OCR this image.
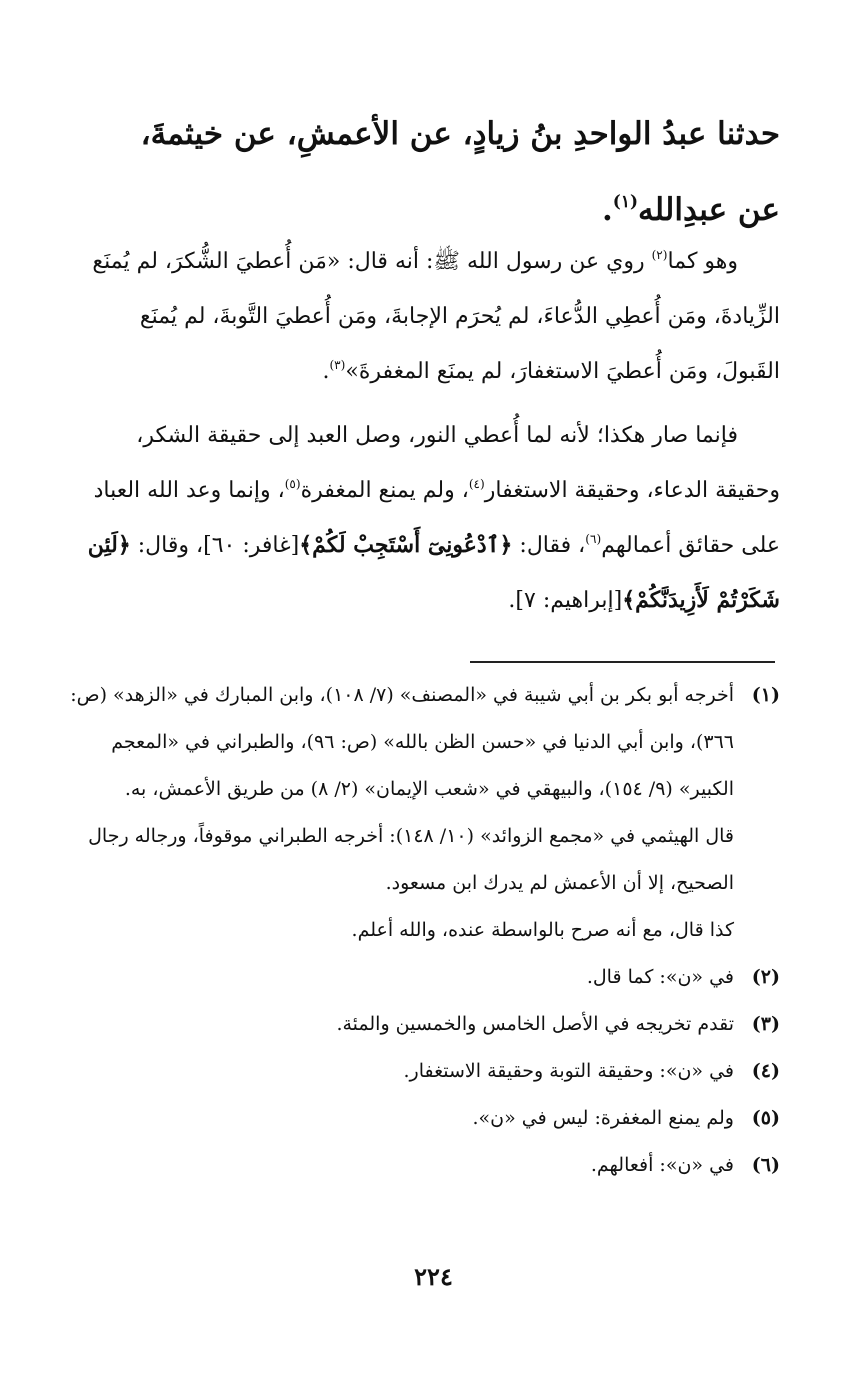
حدثنا عبدُ الواحدِ بنُ زيادٍ، عن الأعمشِ، عن خيثمةَ،
عن عبدِالله$^{(١)}$.

وهو كما$^{(٢)}$ روي عن رسول الله ﷺ: أنه قال: «مَن أُعطيَ الشُّكرَ، لم يُمنَع الزِّيادةَ، ومَن أُعطِي الدُّعاءَ، لم يُحرَم الإجابةَ، ومَن أُعطيَ التَّوبةَ، لم يُمنَع القَبولَ، ومَن أُعطيَ الاستغفارَ، لم يمنَع المغفرةَ»$^{(٣)}$.

فإنما صار هكذا؛ لأنه لما أُعطي النور، وصل العبد إلى حقيقة الشكر، وحقيقة الدعاء، وحقيقة الاستغفار$^{(٤)}$، ولم يمنع المغفرة$^{(٥)}$، وإنما وعد الله العباد على حقائق أعمالهم$^{(٦)}$، فقال: ﴿ٱدْعُونِىٓ أَسْتَجِبْ لَكُمْ﴾[غافر: ٦٠]، وقال: ﴿لَئِن شَكَرْتُمْ لَأَزِيدَنَّكُمْ﴾[إبراهيم: ٧].

(١)
أخرجه أبو بكر بن أبي شيبة في «المصنف» (٧/ ١٠٨)، وابن المبارك في «الزهد» (ص: ٣٦٦)، وابن أبي الدنيا في «حسن الظن بالله» (ص: ٩٦)، والطبراني في «المعجم الكبير» (٩/ ١٥٤)، والبيهقي في «شعب الإيمان» (٢/ ٨) من طريق الأعمش، به.
قال الهيثمي في «مجمع الزوائد» (١٠/ ١٤٨): أخرجه الطبراني موقوفاً، ورجاله رجال الصحيح، إلا أن الأعمش لم يدرك ابن مسعود.
كذا قال، مع أنه صرح بالواسطة عنده، والله أعلم.
(٢)
في «ن»: كما قال.
(٣)
تقدم تخريجه في الأصل الخامس والخمسين والمئة.
(٤)
في «ن»: وحقيقة التوبة وحقيقة الاستغفار.
(٥)
ولم يمنع المغفرة: ليس في «ن».
(٦)
في «ن»: أفعالهم.
٢٢٤
